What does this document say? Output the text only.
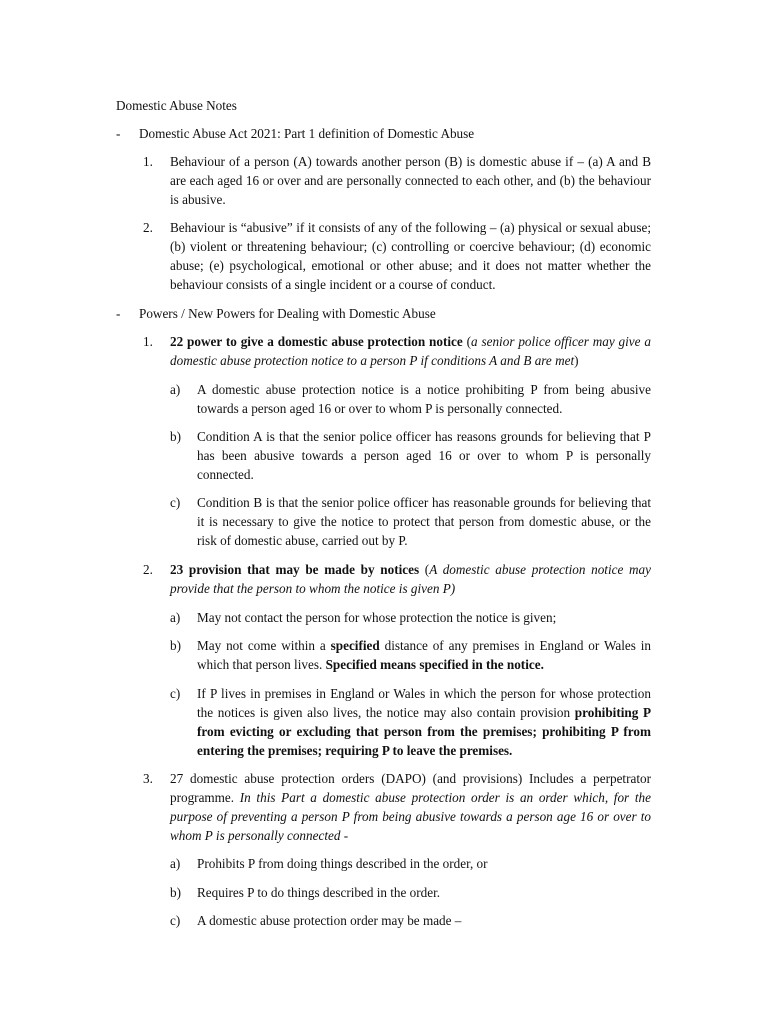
Domestic Abuse Notes
- Domestic Abuse Act 2021: Part 1 definition of Domestic Abuse
1. Behaviour of a person (A) towards another person (B) is domestic abuse if – (a) A and B are each aged 16 or over and are personally connected to each other, and (b) the behaviour is abusive.
2. Behaviour is “abusive” if it consists of any of the following – (a) physical or sexual abuse; (b) violent or threatening behaviour; (c) controlling or coercive behaviour; (d) economic abuse; (e) psychological, emotional or other abuse; and it does not matter whether the behaviour consists of a single incident or a course of conduct.
- Powers / New Powers for Dealing with Domestic Abuse
1. 22 power to give a domestic abuse protection notice (a senior police officer may give a domestic abuse protection notice to a person P if conditions A and B are met)
a) A domestic abuse protection notice is a notice prohibiting P from being abusive towards a person aged 16 or over to whom P is personally connected.
b) Condition A is that the senior police officer has reasons grounds for believing that P has been abusive towards a person aged 16 or over to whom P is personally connected.
c) Condition B is that the senior police officer has reasonable grounds for believing that it is necessary to give the notice to protect that person from domestic abuse, or the risk of domestic abuse, carried out by P.
2. 23 provision that may be made by notices (A domestic abuse protection notice may provide that the person to whom the notice is given P)
a) May not contact the person for whose protection the notice is given;
b) May not come within a specified distance of any premises in England or Wales in which that person lives. Specified means specified in the notice.
c) If P lives in premises in England or Wales in which the person for whose protection the notices is given also lives, the notice may also contain provision prohibiting P from evicting or excluding that person from the premises; prohibiting P from entering the premises; requiring P to leave the premises.
3. 27 domestic abuse protection orders (DAPO) (and provisions) Includes a perpetrator programme. In this Part a domestic abuse protection order is an order which, for the purpose of preventing a person P from being abusive towards a person age 16 or over to whom P is personally connected -
a) Prohibits P from doing things described in the order, or
b) Requires P to do things described in the order.
c) A domestic abuse protection order may be made –
